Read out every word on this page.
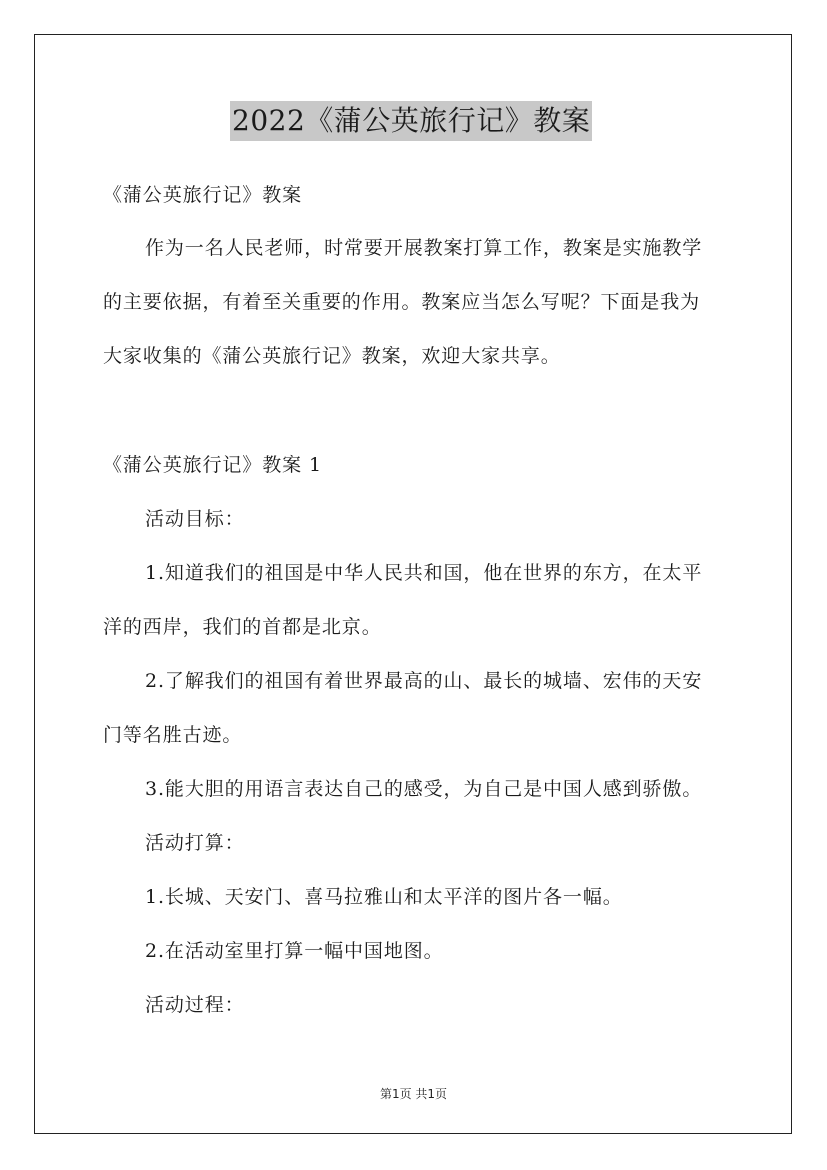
2022《蒲公英旅行记》教案
《蒲公英旅行记》教案
作为一名人民老师，时常要开展教案打算工作，教案是实施教学
的主要依据，有着至关重要的作用。教案应当怎么写呢？下面是我为
大家收集的《蒲公英旅行记》教案，欢迎大家共享。
《蒲公英旅行记》教案 1
活动目标：
1.知道我们的祖国是中华人民共和国，他在世界的东方，在太平
洋的西岸，我们的首都是北京。
2.了解我们的祖国有着世界最高的山、最长的城墙、宏伟的天安
门等名胜古迹。
3.能大胆的用语言表达自己的感受，为自己是中国人感到骄傲。
活动打算：
1.长城、天安门、喜马拉雅山和太平洋的图片各一幅。
2.在活动室里打算一幅中国地图。
活动过程：
第1页 共1页
